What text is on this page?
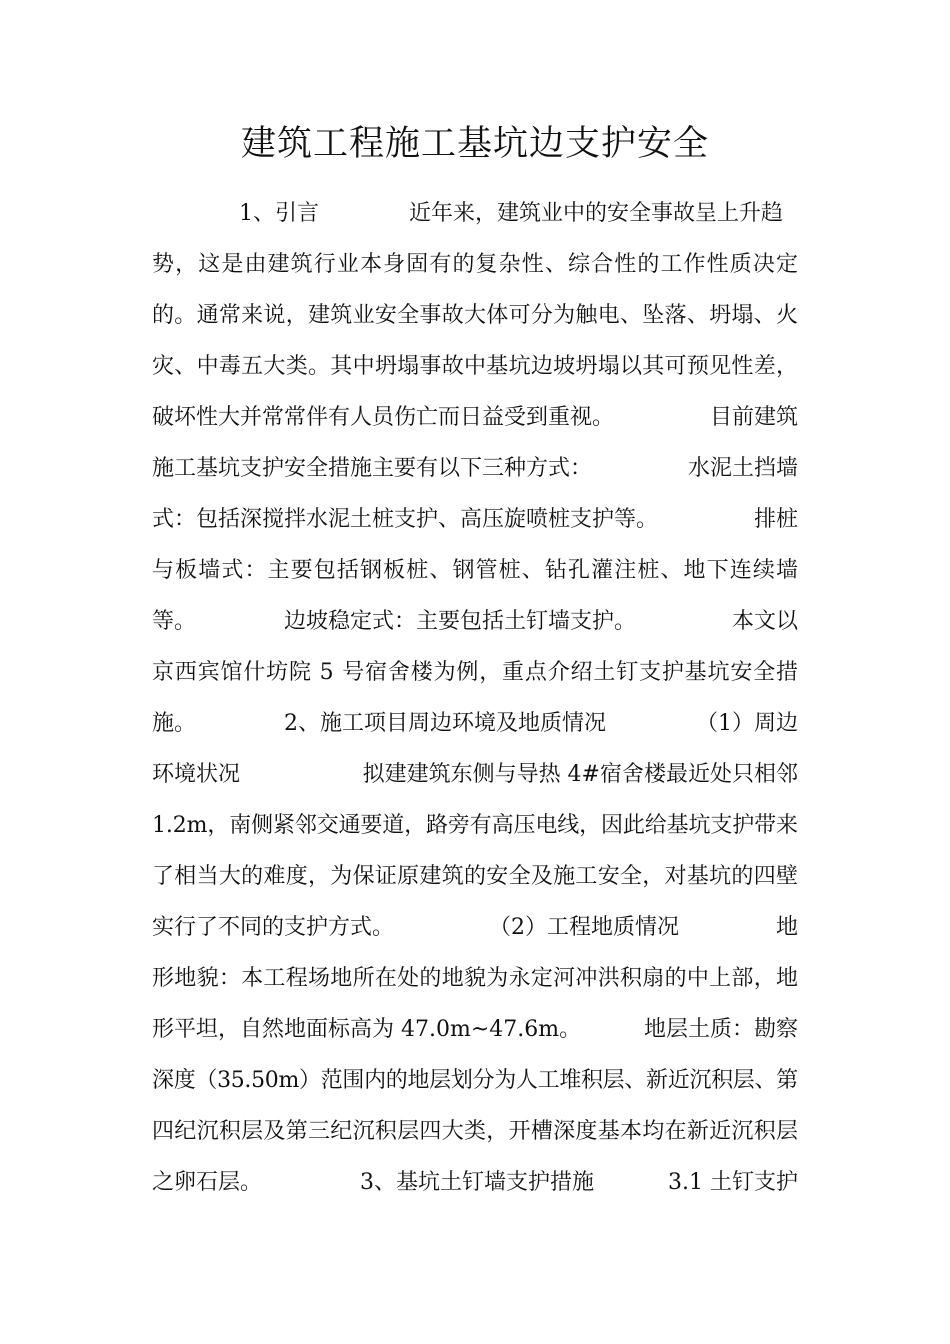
建筑工程施工基坑边支护安全
1、引言	近年来，建筑业中的安全事故呈上升趋
势，这是由建筑行业本身固有的复杂性、综合性的工作性质决定
的。通常来说，建筑业安全事故大体可分为触电、坠落、坍塌、火
灾、中毒五大类。其中坍塌事故中基坑边坡坍塌以其可预见性差，
破坏性大并常常伴有人员伤亡而日益受到重视。	目前建筑
施工基坑支护安全措施主要有以下三种方式：	水泥土挡墙
式：包括深搅拌水泥土桩支护、高压旋喷桩支护等。	排桩
与板墙式：主要包括钢板桩、钢管桩、钻孔灌注桩、地下连续墙
等。	边坡稳定式：主要包括土钉墙支护。	本文以
京西宾馆什坊院 5 号宿舍楼为例，重点介绍土钉支护基坑安全措
施。	2、施工项目周边环境及地质情况	（1）周边
环境状况	拟建建筑东侧与导热 4#宿舍楼最近处只相邻
1.2m，南侧紧邻交通要道，路旁有高压电线，因此给基坑支护带来
了相当大的难度，为保证原建筑的安全及施工安全，对基坑的四壁
实行了不同的支护方式。	（2）工程地质情况	地
形地貌：本工程场地所在处的地貌为永定河冲洪积扇的中上部，地
形平坦，自然地面标高为 47.0m~47.6m。	地层土质：勘察
深度（35.50m）范围内的地层划分为人工堆积层、新近沉积层、第
四纪沉积层及第三纪沉积层四大类，开槽深度基本均在新近沉积层
之卵石层。	3、基坑土钉墙支护措施	3.1 土钉支护
